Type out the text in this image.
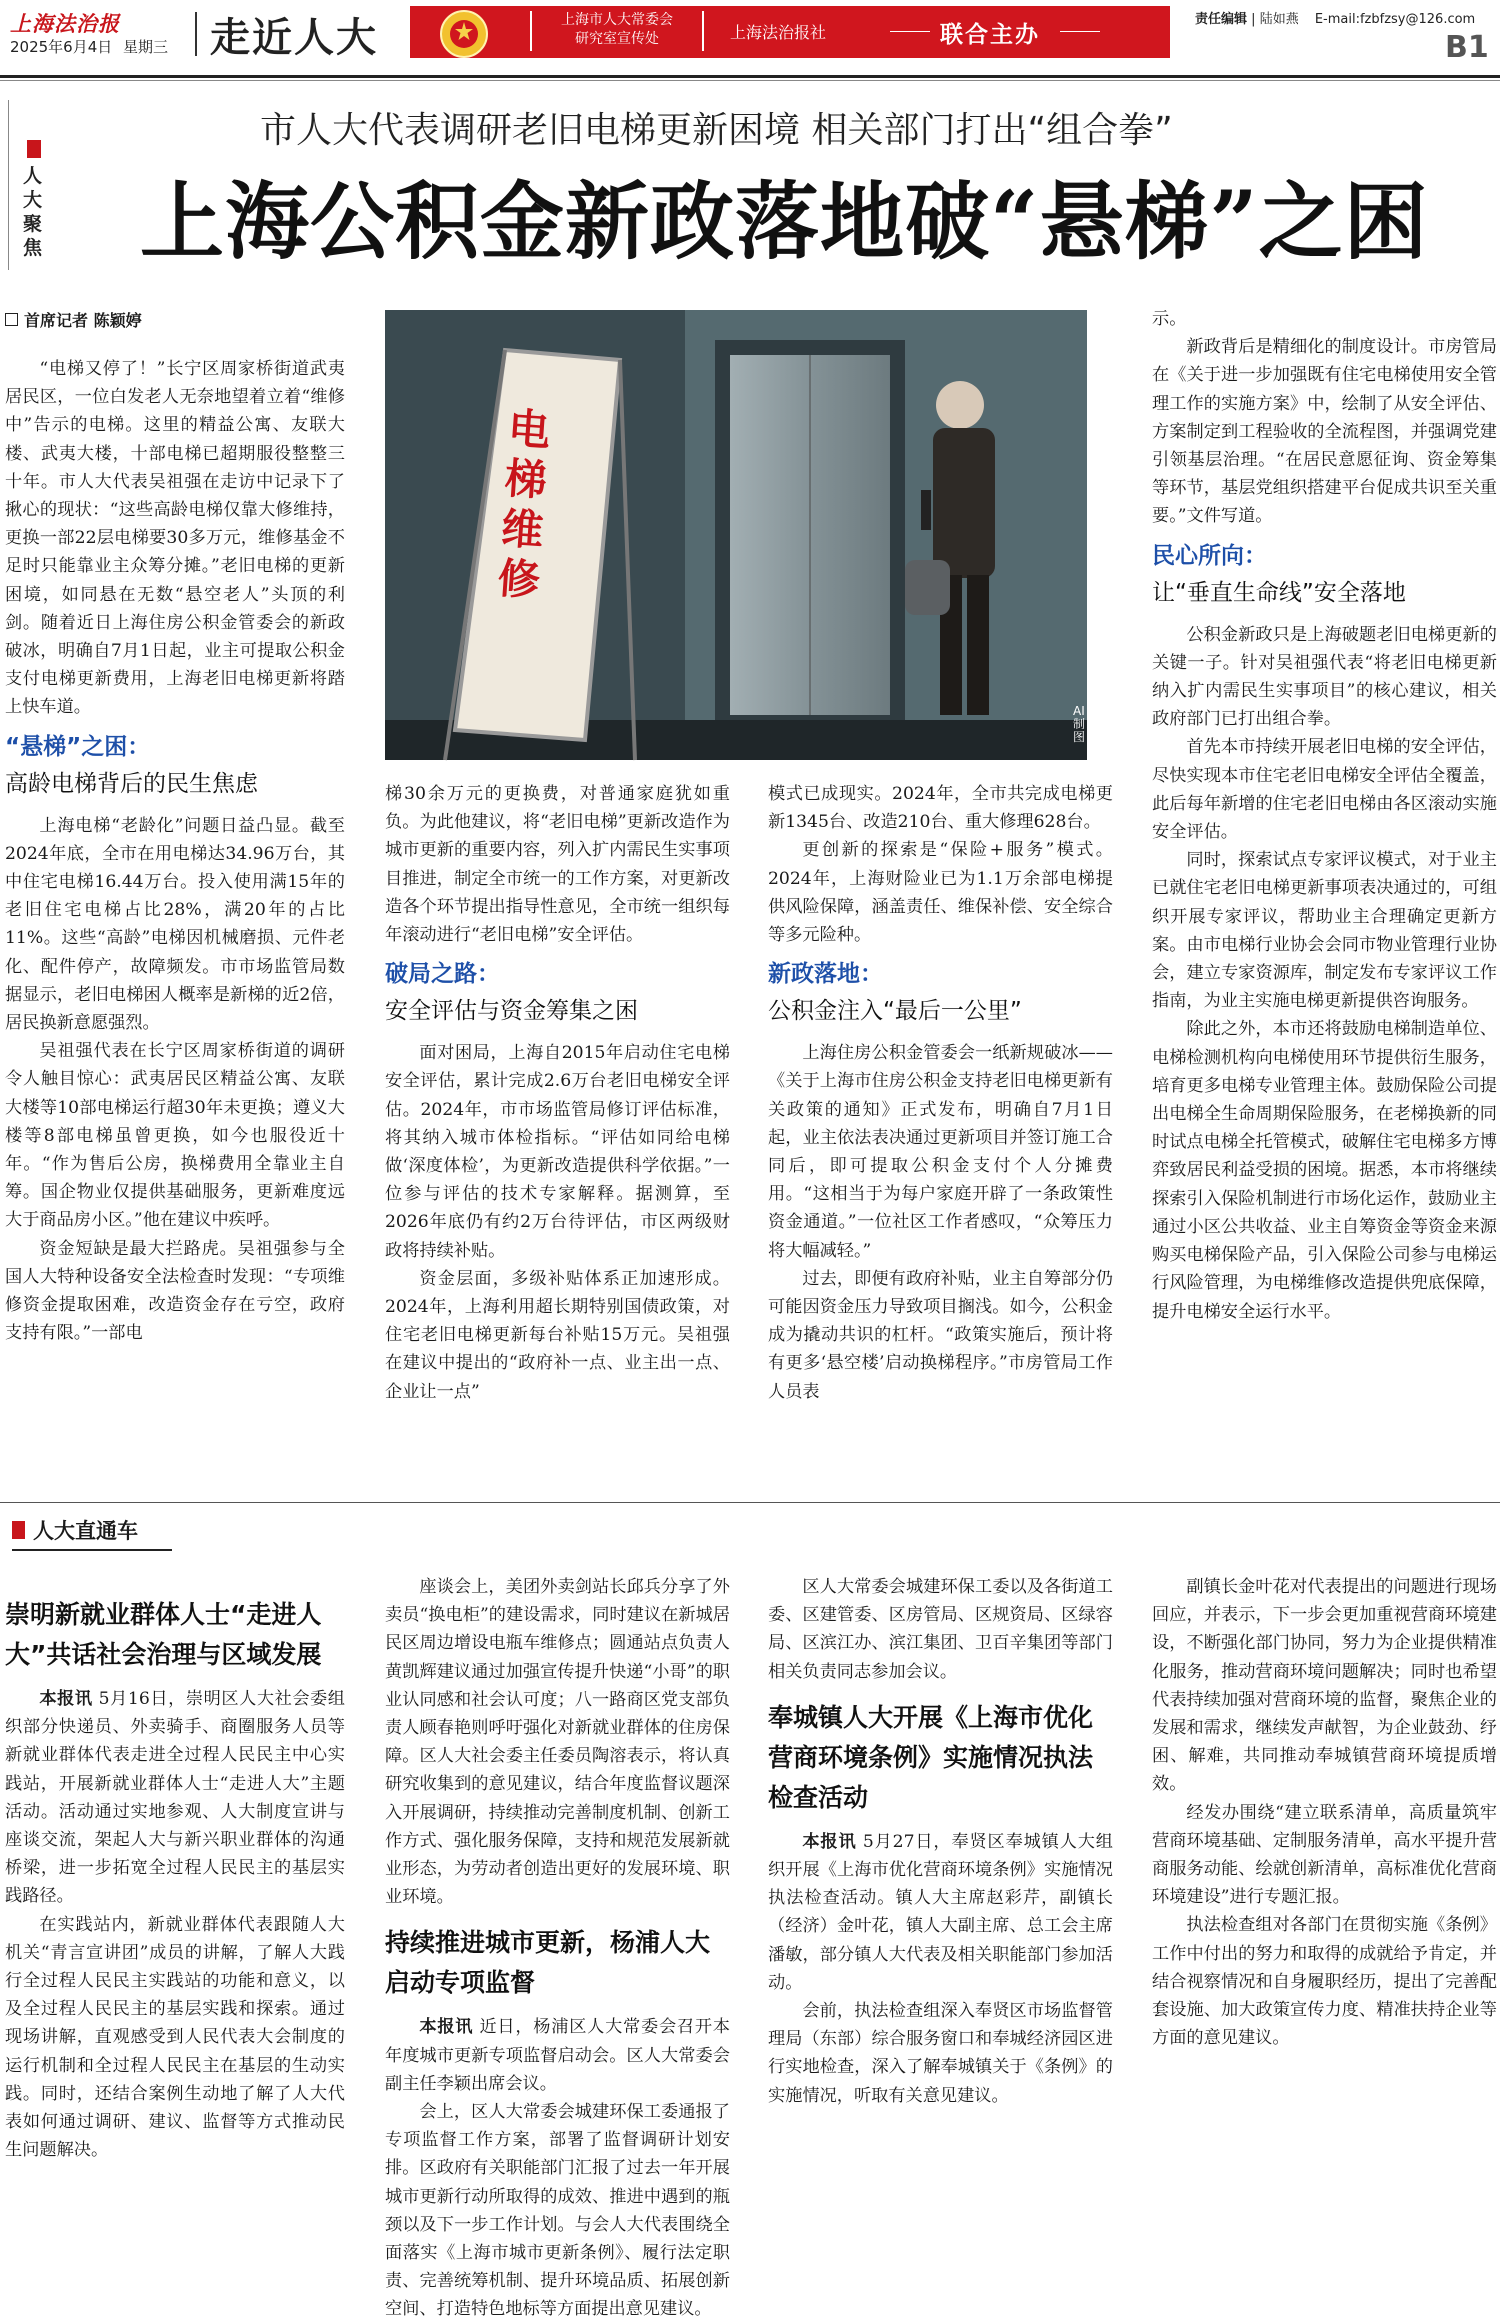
上海法治报
2025年6月4日 星期三 走近人大	上海市人大常委会
研究室宣传处	上海法治报社	联合主办
责任编辑 | 陆如燕 E-mail:fzbfzsy@126.com
B1
人大聚焦
市人大代表调研老旧电梯更新困境 相关部门打出“组合拳”
上海公积金新政落地破“悬梯”之困
首席记者 陈颖婷
电梯维修
AI制图

“电梯又停了！”长宁区周家桥街道武夷居民区，一位白发老人无奈地望着立着“维修中”告示的电梯。这里的精益公寓、友联大楼、武夷大楼，十部电梯已超期服役整整三十年。市人大代表吴祖强在走访中记录下了揪心的现状：“这些高龄电梯仅靠大修维持，更换一部22层电梯要30多万元，维修基金不足时只能靠业主众筹分摊。”老旧电梯的更新困境，如同悬在无数“悬空老人”头顶的利剑。随着近日上海住房公积金管委会的新政破冰，明确自7月1日起，业主可提取公积金支付电梯更新费用，上海老旧电梯更新将踏上快车道。

“悬梯”之困：
高龄电梯背后的民生焦虑

上海电梯“老龄化”问题日益凸显。截至2024年底，全市在用电梯达34.96万台，其中住宅电梯16.44万台。投入使用满15年的老旧住宅电梯占比28%，满20年的占比11%。这些“高龄”电梯因机械磨损、元件老化、配件停产，故障频发。市市场监管局数据显示，老旧电梯困人概率是新梯的近2倍，居民换新意愿强烈。

吴祖强代表在长宁区周家桥街道的调研令人触目惊心：武夷居民区精益公寓、友联大楼等10部电梯运行超30年未更换；遵义大楼等8部电梯虽曾更换，如今也服役近十年。“作为售后公房，换梯费用全靠业主自筹。国企物业仅提供基础服务，更新难度远大于商品房小区。”他在建议中疾呼。

资金短缺是最大拦路虎。吴祖强参与全国人大特种设备安全法检查时发现：“专项维修资金提取困难，改造资金存在亏空，政府支持有限。”一部电

梯30余万元的更换费，对普通家庭犹如重负。为此他建议，将“老旧电梯”更新改造作为城市更新的重要内容，列入扩内需民生实事项目推进，制定全市统一的工作方案，对更新改造各个环节提出指导性意见，全市统一组织每年滚动进行“老旧电梯”安全评估。

破局之路：
安全评估与资金筹集之困

面对困局，上海自2015年启动住宅电梯安全评估，累计完成2.6万台老旧电梯安全评估。2024年，市市场监管局修订评估标准，将其纳入城市体检指标。“评估如同给电梯做‘深度体检’，为更新改造提供科学依据。”一位参与评估的技术专家解释。据测算，至2026年底仍有约2万台待评估，市区两级财政将持续补贴。

资金层面，多级补贴体系正加速形成。2024年，上海利用超长期特别国债政策，对住宅老旧电梯更新每台补贴15万元。吴祖强在建议中提出的“政府补一点、业主出一点、企业让一点”

模式已成现实。2024年，全市共完成电梯更新1345台、改造210台、重大修理628台。

更创新的探索是“保险+服务”模式。2024年，上海财险业已为1.1万余部电梯提供风险保障，涵盖责任、维保补偿、安全综合等多元险种。

新政落地：
公积金注入“最后一公里”

上海住房公积金管委会一纸新规破冰——《关于上海市住房公积金支持老旧电梯更新有关政策的通知》正式发布，明确自7月1日起，业主依法表决通过更新项目并签订施工合同后，即可提取公积金支付个人分摊费用。“这相当于为每户家庭开辟了一条政策性资金通道。”一位社区工作者感叹，“众筹压力将大幅减轻。”

过去，即便有政府补贴，业主自筹部分仍可能因资金压力导致项目搁浅。如今，公积金成为撬动共识的杠杆。“政策实施后，预计将有更多‘悬空楼’启动换梯程序。”市房管局工作人员表

示。

新政背后是精细化的制度设计。市房管局在《关于进一步加强既有住宅电梯使用安全管理工作的实施方案》中，绘制了从安全评估、方案制定到工程验收的全流程图，并强调党建引领基层治理。“在居民意愿征询、资金筹集等环节，基层党组织搭建平台促成共识至关重要。”文件写道。

民心所向：
让“垂直生命线”安全落地

公积金新政只是上海破题老旧电梯更新的关键一子。针对吴祖强代表“将老旧电梯更新纳入扩内需民生实事项目”的核心建议，相关政府部门已打出组合拳。

首先本市持续开展老旧电梯的安全评估，尽快实现本市住宅老旧电梯安全评估全覆盖，此后每年新增的住宅老旧电梯由各区滚动实施安全评估。

同时，探索试点专家评议模式，对于业主已就住宅老旧电梯更新事项表决通过的，可组织开展专家评议，帮助业主合理确定更新方案。由市电梯行业协会会同市物业管理行业协会，建立专家资源库，制定发布专家评议工作指南，为业主实施电梯更新提供咨询服务。

除此之外，本市还将鼓励电梯制造单位、电梯检测机构向电梯使用环节提供衍生服务，培育更多电梯专业管理主体。鼓励保险公司提出电梯全生命周期保险服务，在老梯换新的同时试点电梯全托管模式，破解住宅电梯多方博弈致居民利益受损的困境。据悉，本市将继续探索引入保险机制进行市场化运作，鼓励业主通过小区公共收益、业主自筹资金等资金来源购买电梯保险产品，引入保险公司参与电梯运行风险管理，为电梯维修改造提供兜底保障，提升电梯安全运行水平。

人大直通车
崇明新就业群体人士“走进人大”共话社会治理与区域发展

本报讯 5月16日，崇明区人大社会委组织部分快递员、外卖骑手、商圈服务人员等新就业群体代表走进全过程人民民主中心实践站，开展新就业群体人士“走进人大”主题活动。活动通过实地参观、人大制度宣讲与座谈交流，架起人大与新兴职业群体的沟通桥梁，进一步拓宽全过程人民民主的基层实践路径。

在实践站内，新就业群体代表跟随人大机关“青言宣讲团”成员的讲解，了解人大践行全过程人民民主实践站的功能和意义，以及全过程人民民主的基层实践和探索。通过现场讲解，直观感受到人民代表大会制度的运行机制和全过程人民民主在基层的生动实践。同时，还结合案例生动地了解了人大代表如何通过调研、建议、监督等方式推动民生问题解决。

座谈会上，美团外卖剑站长邱兵分享了外卖员“换电柜”的建设需求，同时建议在新城居民区周边增设电瓶车维修点；圆通站点负责人黄凯辉建议通过加强宣传提升快递“小哥”的职业认同感和社会认可度；八一路商区党支部负责人顾春艳则呼吁强化对新就业群体的住房保障。区人大社会委主任委员陶溶表示，将认真研究收集到的意见建议，结合年度监督议题深入开展调研，持续推动完善制度机制、创新工作方式、强化服务保障，支持和规范发展新就业形态，为劳动者创造出更好的发展环境、职业环境。

持续推进城市更新，杨浦人大启动专项监督

本报讯 近日，杨浦区人大常委会召开本年度城市更新专项监督启动会。区人大常委会副主任李颖出席会议。

会上，区人大常委会城建环保工委通报了专项监督工作方案，部署了监督调研计划安排。区政府有关职能部门汇报了过去一年开展城市更新行动所取得的成效、推进中遇到的瓶颈以及下一步工作计划。与会人大代表围绕全面落实《上海市城市更新条例》、履行法定职责、完善统筹机制、提升环境品质、拓展创新空间、打造特色地标等方面提出意见建议。

区人大常委会城建环保工委以及各街道工委、区建管委、区房管局、区规资局、区绿容局、区滨江办、滨江集团、卫百辛集团等部门相关负责同志参加会议。

奉城镇人大开展《上海市优化营商环境条例》实施情况执法检查活动

本报讯 5月27日，奉贤区奉城镇人大组织开展《上海市优化营商环境条例》实施情况执法检查活动。镇人大主席赵彩芹，副镇长（经济）金叶花，镇人大副主席、总工会主席潘敏，部分镇人大代表及相关职能部门参加活动。

会前，执法检查组深入奉贤区市场监督管理局（东部）综合服务窗口和奉城经济园区进行实地检查，深入了解奉城镇关于《条例》的实施情况，听取有关意见建议。

副镇长金叶花对代表提出的问题进行现场回应，并表示，下一步会更加重视营商环境建设，不断强化部门协同，努力为企业提供精准化服务，推动营商环境问题解决；同时也希望代表持续加强对营商环境的监督，聚焦企业的发展和需求，继续发声献智，为企业鼓劲、纾困、解难，共同推动奉城镇营商环境提质增效。

经发办围绕“建立联系清单，高质量筑牢营商环境基础、定制服务清单，高水平提升营商服务动能、绘就创新清单，高标准优化营商环境建设”进行专题汇报。

执法检查组对各部门在贯彻实施《条例》工作中付出的努力和取得的成就给予肯定，并结合视察情况和自身履职经历，提出了完善配套设施、加大政策宣传力度、精准扶持企业等方面的意见建议。
